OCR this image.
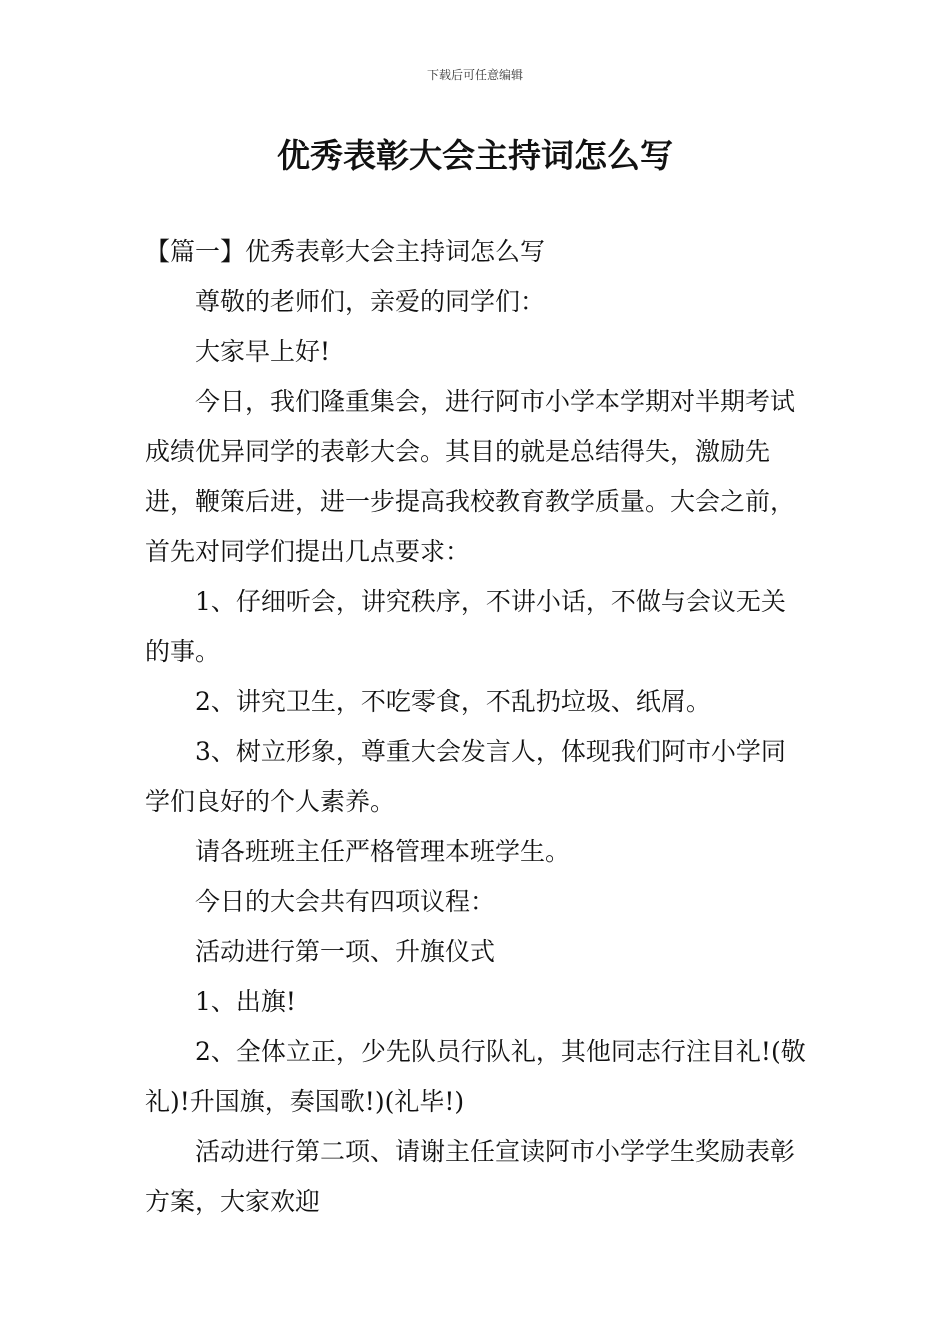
下载后可任意编辑
优秀表彰大会主持词怎么写

【篇一】优秀表彰大会主持词怎么写

尊敬的老师们，亲爱的同学们：

大家早上好!

今日，我们隆重集会，进行阿市小学本学期对半期考试成绩优异同学的表彰大会。其目的就是总结得失，激励先进，鞭策后进，进一步提高我校教育教学质量。大会之前，首先对同学们提出几点要求：

1、仔细听会，讲究秩序，不讲小话，不做与会议无关的事。

2、讲究卫生，不吃零食，不乱扔垃圾、纸屑。

3、树立形象，尊重大会发言人，体现我们阿市小学同学们良好的个人素养。

请各班班主任严格管理本班学生。

今日的大会共有四项议程：

活动进行第一项、升旗仪式

1、出旗!

2、全体立正，少先队员行队礼，其他同志行注目礼!(敬礼)!升国旗，奏国歌!)(礼毕!)

活动进行第二项、请谢主任宣读阿市小学学生奖励表彰方案，大家欢迎
